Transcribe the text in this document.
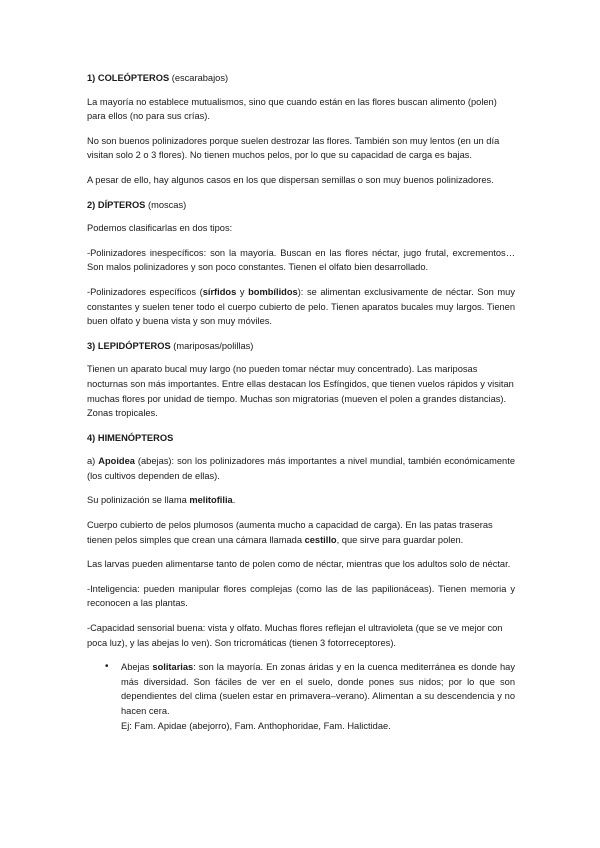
1) COLEÓPTEROS (escarabajos)

La mayoría no establece mutualismos, sino que cuando están en las flores buscan alimento (polen) para ellos (no para sus crías).

No son buenos polinizadores porque suelen destrozar las flores. También son muy lentos (en un día visitan solo 2 o 3 flores). No tienen muchos pelos, por lo que su capacidad de carga es bajas.

A pesar de ello, hay algunos casos en los que dispersan semillas o son muy buenos polinizadores.

2) DÍPTEROS (moscas)

Podemos clasificarlas en dos tipos:

-Polinizadores inespecíficos: son la mayoría. Buscan en las flores néctar, jugo frutal, excrementos… Son malos polinizadores y son poco constantes. Tienen el olfato bien desarrollado.

-Polinizadores específicos (sírfidos y bombílidos): se alimentan exclusivamente de néctar. Son muy constantes y suelen tener todo el cuerpo cubierto de pelo. Tienen aparatos bucales muy largos. Tienen buen olfato y buena vista y son muy móviles.

3) LEPIDÓPTEROS (mariposas/polillas)

Tienen un aparato bucal muy largo (no pueden tomar néctar muy concentrado). Las mariposas nocturnas son más importantes. Entre ellas destacan los Esfíngidos, que tienen vuelos rápidos y visitan muchas flores por unidad de tiempo. Muchas son migratorias (mueven el polen a grandes distancias). Zonas tropicales.

4) HIMENÓPTEROS

a) Apoidea (abejas): son los polinizadores más importantes a nivel mundial, también económicamente (los cultivos dependen de ellas).

Su polinización se llama melitofilia.

Cuerpo cubierto de pelos plumosos (aumenta mucho a capacidad de carga). En las patas traseras tienen pelos simples que crean una cámara llamada cestillo, que sirve para guardar polen.

Las larvas pueden alimentarse tanto de polen como de néctar, mientras que los adultos solo de néctar.

-Inteligencia: pueden manipular flores complejas (como las de las papilionáceas). Tienen memoria y reconocen a las plantas.

-Capacidad sensorial buena: vista y olfato. Muchas flores reflejan el ultravioleta (que se ve mejor con poca luz), y las abejas lo ven). Son tricromáticas (tienen 3 fotorreceptores).

• Abejas solitarias: son la mayoría. En zonas áridas y en la cuenca mediterránea es donde hay más diversidad. Son fáciles de ver en el suelo, donde pones sus nidos; por lo que son dependientes del clima (suelen estar en primavera–verano). Alimentan a su descendencia y no hacen cera.
Ej: Fam. Apidae (abejorro), Fam. Anthophoridae, Fam. Halictidae.
